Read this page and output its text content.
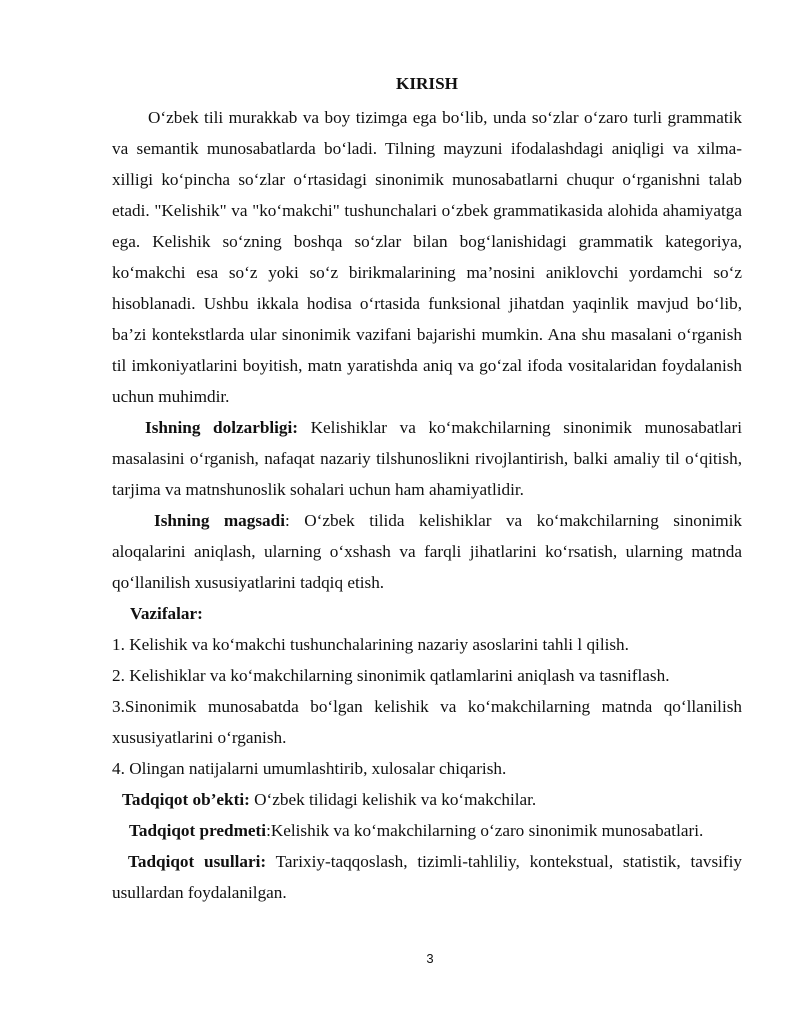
KIRISH

O‘zbek tili murakkab va boy tizimga ega bo‘lib, unda so‘zlar o‘zaro turli grammatik va semantik munosabatlarda bo‘ladi. Tilning mayzuni ifodalashdagi aniqligi va xilma-xilligi ko‘pincha so‘zlar o‘rtasidagi sinonimik munosabatlarni chuqur o‘rganishni talab etadi. "Kelishik" va "ko‘makchi" tushunchalari o‘zbek grammatikasida alohida ahamiyatga ega. Kelishik so‘zning boshqa so‘zlar bilan bog‘lanishidagi grammatik kategoriya, ko‘makchi esa so‘z yoki so‘z birikmalarining ma’nosini aniklovchi yordamchi so‘z hisoblanadi. Ushbu ikkala hodisa o‘rtasida funksional jihatdan yaqinlik mavjud bo‘lib, ba’zi kontekstlarda ular sinonimik vazifani bajarishi mumkin. Ana shu masalani o‘rganish til imkoniyatlarini boyitish, matn yaratishda aniq va go‘zal ifoda vositalaridan foydalanish uchun muhimdir.

Ishning dolzarbligi: Kelishiklar va ko‘makchilarning sinonimik munosabatlari masalasini o‘rganish, nafaqat nazariy tilshunoslikni rivojlantirish, balki amaliy til o‘qitish, tarjima va matnshunoslik sohalari uchun ham ahamiyatlidir.

Ishning magsadi: O‘zbek tilida kelishiklar va ko‘makchilarning sinonimik aloqalarini aniqlash, ularning o‘xshash va farqli jihatlarini ko‘rsatish, ularning matnda qo‘llanilish xususiyatlarini tadqiq etish.

Vazifalar:

1. Kelishik va ko‘makchi tushunchalarining nazariy asoslarini tahli l qilish.

2. Kelishiklar va ko‘makchilarning sinonimik qatlamlarini aniqlash va tasniflash.

3.Sinonimik munosabatda bo‘lgan kelishik va ko‘makchilarning matnda qo‘llanilish xususiyatlarini o‘rganish.

4. Olingan natijalarni umumlashtirib, xulosalar chiqarish.

Tadqiqot ob’ekti: O‘zbek tilidagi kelishik va ko‘makchilar.

Tadqiqot predmeti:Kelishik va ko‘makchilarning o‘zaro sinonimik munosabatlari.

Tadqiqot usullari: Tarixiy-taqqoslash, tizimli-tahliliy, kontekstual, statistik, tavsifiy usullardan foydalanilgan.

3
